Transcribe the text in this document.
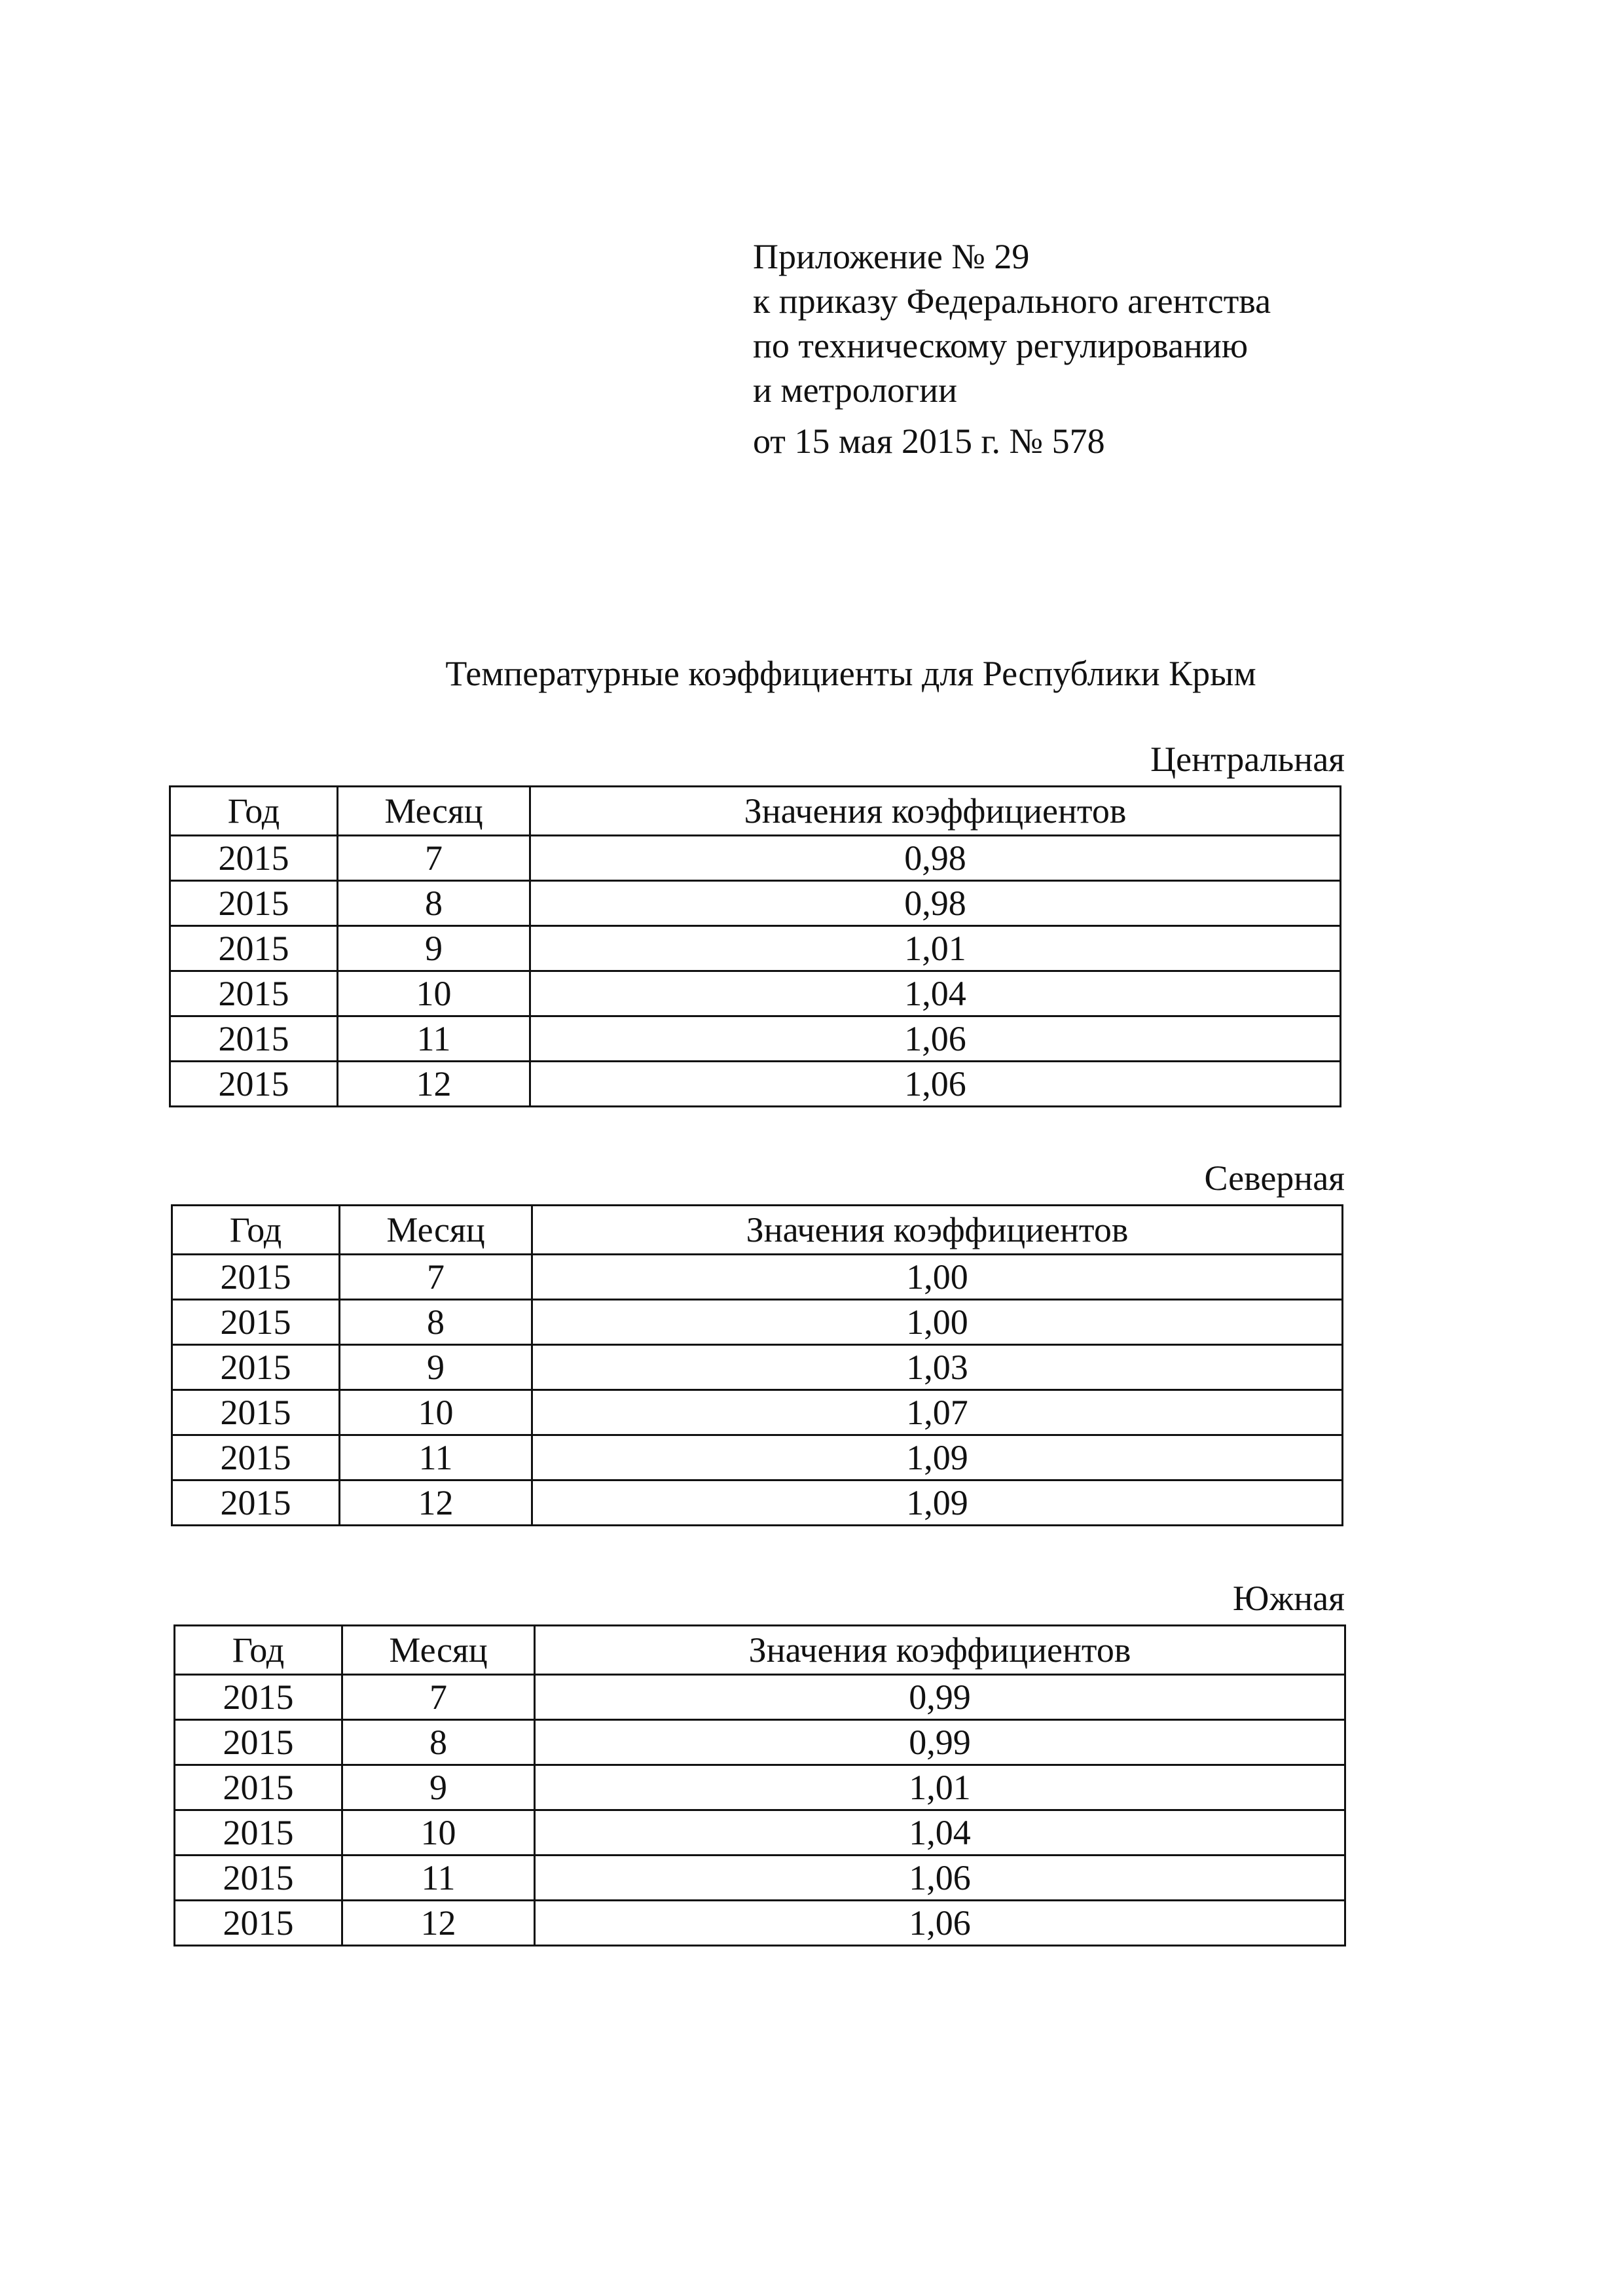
Приложение № 29
к приказу Федерального агентства
по техническому регулированию
и метрологии
от 15 мая 2015 г. № 578
Температурные коэффициенты для Республики Крым
Центральная
Год	Месяц	Значения коэффициентов
2015	7	0,98
2015	8	0,98
2015	9	1,01
2015	10	1,04
2015	11	1,06
2015	12	1,06
Северная
Год	Месяц	Значения коэффициентов
2015	7	1,00
2015	8	1,00
2015	9	1,03
2015	10	1,07
2015	11	1,09
2015	12	1,09
Южная
Год	Месяц	Значения коэффициентов
2015	7	0,99
2015	8	0,99
2015	9	1,01
2015	10	1,04
2015	11	1,06
2015	12	1,06
